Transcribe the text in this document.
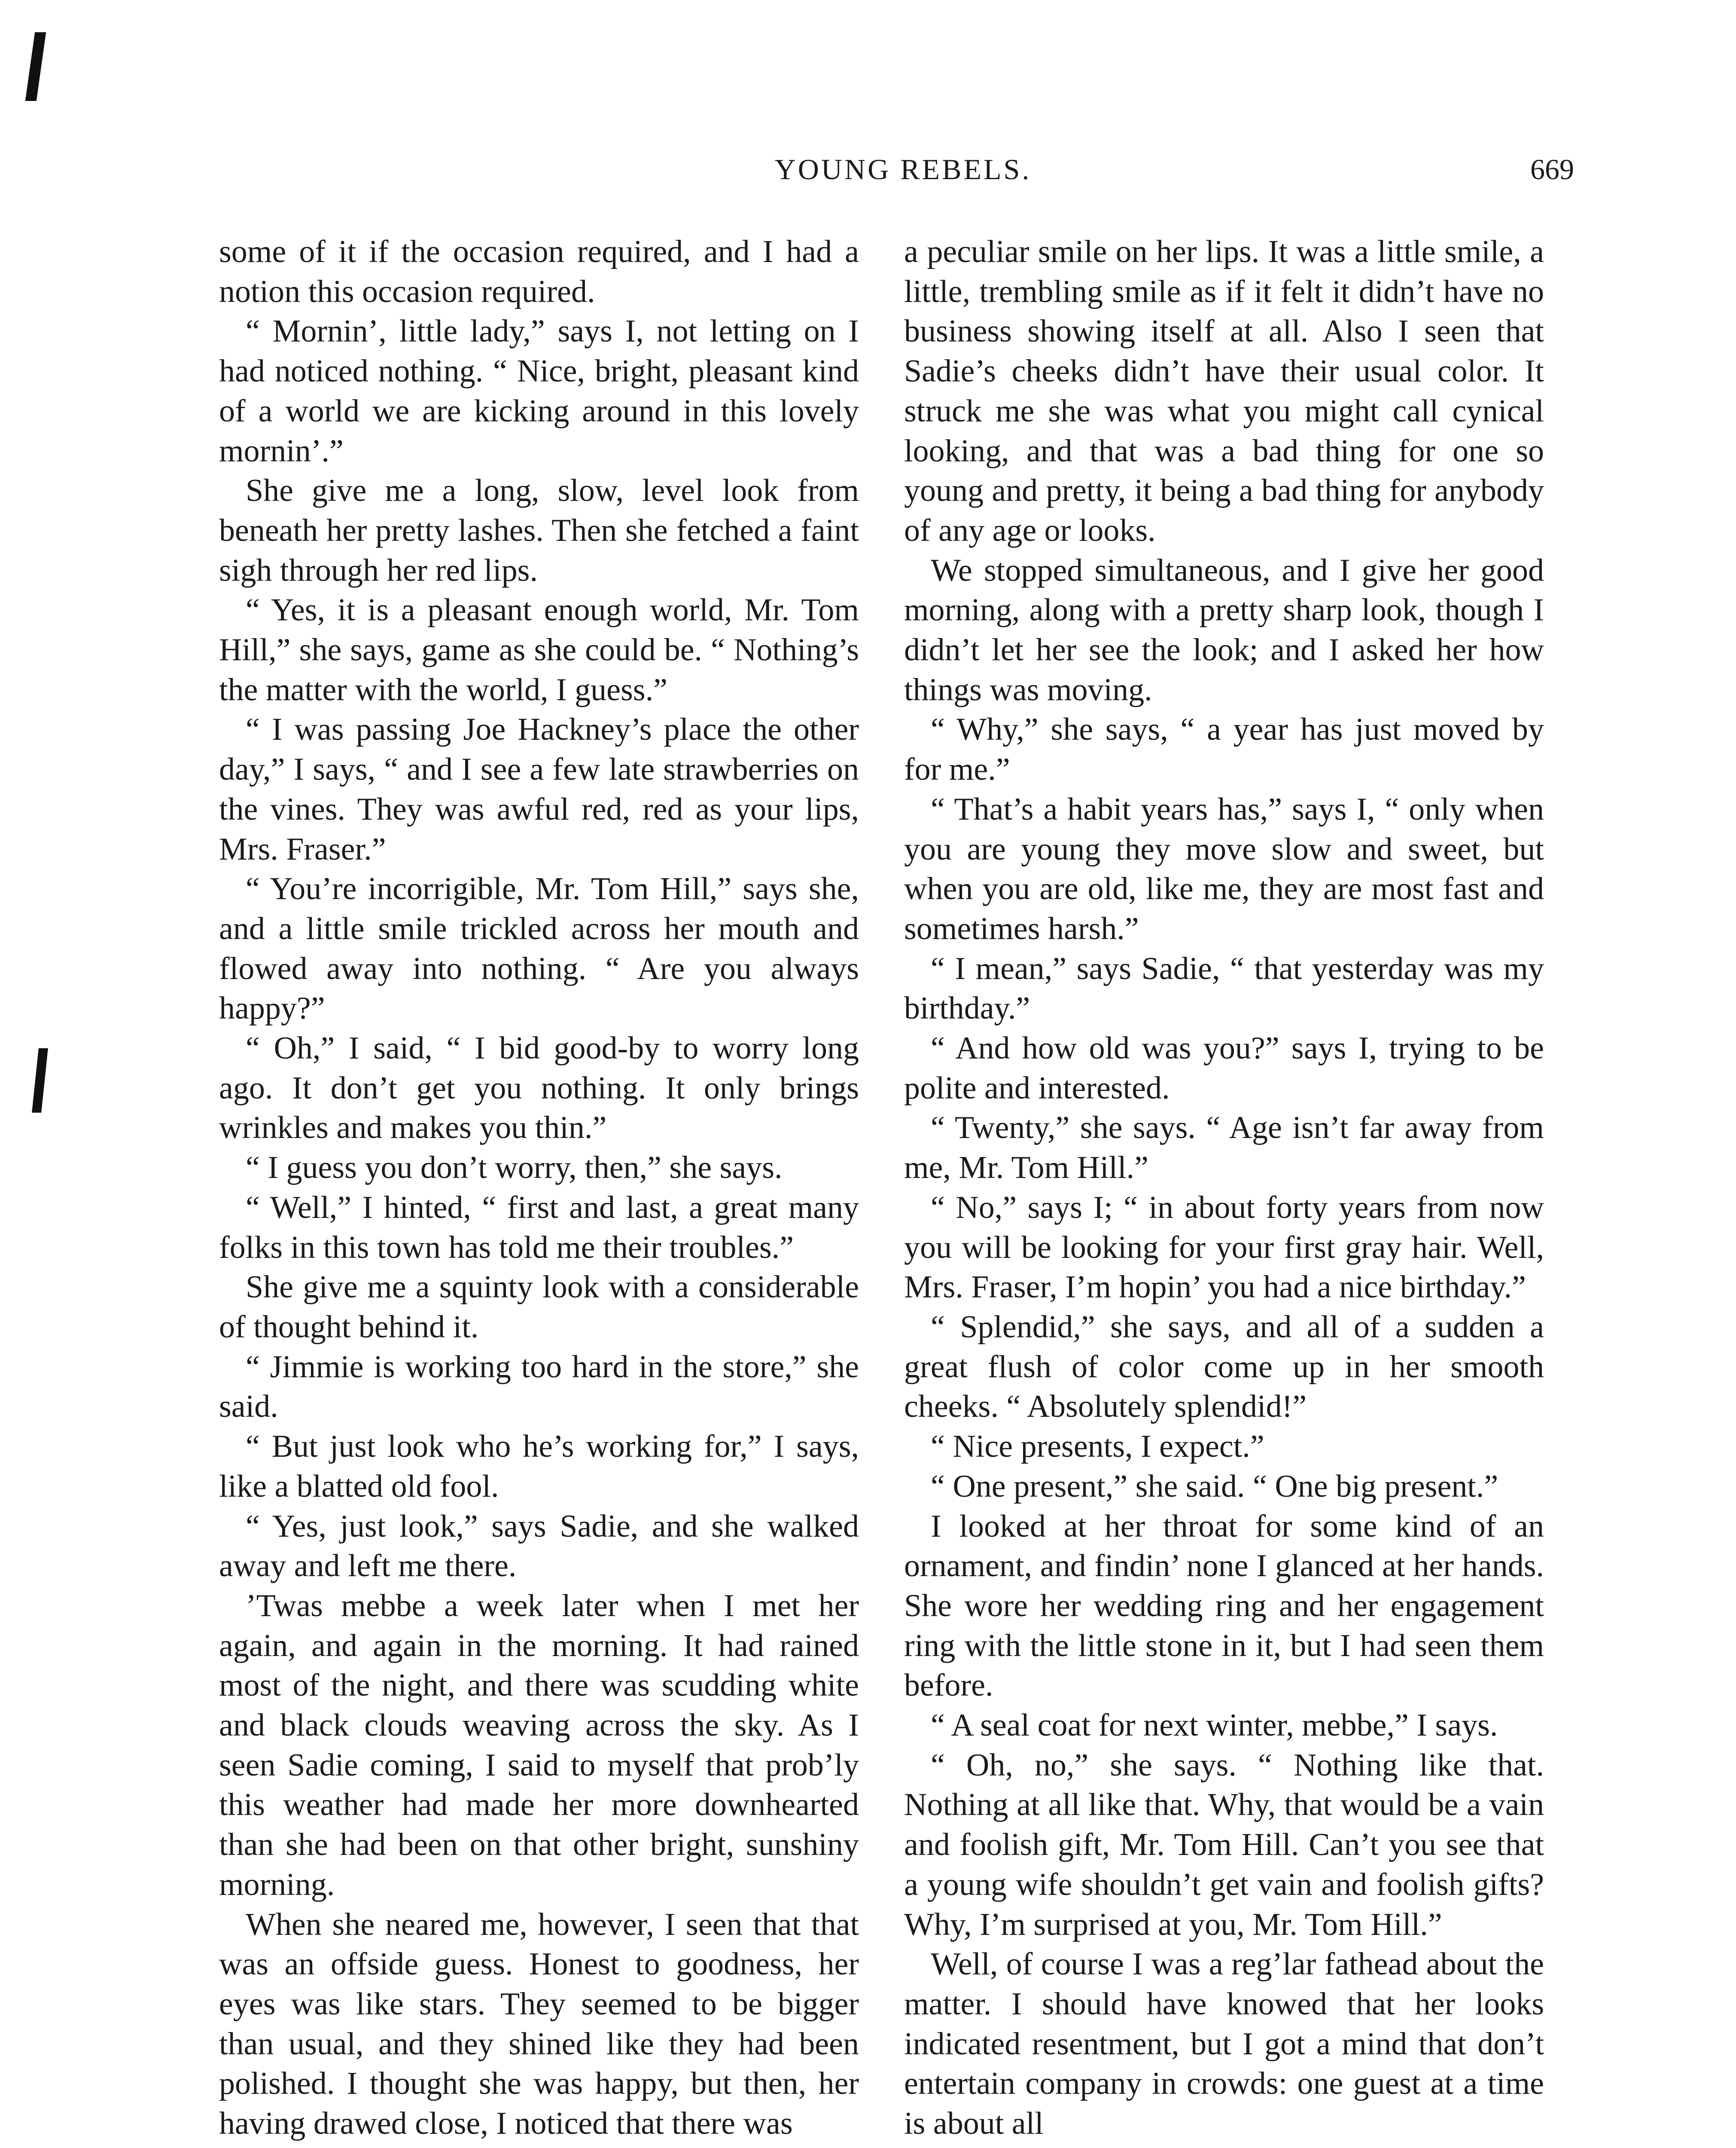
YOUNG REBELS.	669

some of it if the occasion required, and I had a notion this occasion required.

“ Mornin’, little lady,” says I, not letting on I had noticed nothing. “ Nice, bright, pleasant kind of a world we are kicking around in this lovely mornin’.”

She give me a long, slow, level look from beneath her pretty lashes. Then she fetched a faint sigh through her red lips.

“ Yes, it is a pleasant enough world, Mr. Tom Hill,” she says, game as she could be. “ Nothing’s the matter with the world, I guess.”

“ I was passing Joe Hackney’s place the other day,” I says, “ and I see a few late strawberries on the vines. They was awful red, red as your lips, Mrs. Fraser.”

“ You’re incorrigible, Mr. Tom Hill,” says she, and a little smile trickled across her mouth and flowed away into nothing. “ Are you always happy?”

“ Oh,” I said, “ I bid good-by to worry long ago. It don’t get you nothing. It only brings wrinkles and makes you thin.”

“ I guess you don’t worry, then,” she says.

“ Well,” I hinted, “ first and last, a great many folks in this town has told me their troubles.”

She give me a squinty look with a considerable of thought behind it.

“ Jimmie is working too hard in the store,” she said.

“ But just look who he’s working for,” I says, like a blatted old fool.

“ Yes, just look,” says Sadie, and she walked away and left me there.

’Twas mebbe a week later when I met her again, and again in the morning. It had rained most of the night, and there was scudding white and black clouds weaving across the sky. As I seen Sadie coming, I said to myself that prob’ly this weather had made her more downhearted than she had been on that other bright, sunshiny morning.

When she neared me, however, I seen that that was an offside guess. Honest to goodness, her eyes was like stars. They seemed to be bigger than usual, and they shined like they had been polished. I thought she was happy, but then, her having drawed close, I noticed that there was

a peculiar smile on her lips. It was a little smile, a little, trembling smile as if it felt it didn’t have no business showing itself at all. Also I seen that Sadie’s cheeks didn’t have their usual color. It struck me she was what you might call cynical looking, and that was a bad thing for one so young and pretty, it being a bad thing for anybody of any age or looks.

We stopped simultaneous, and I give her good morning, along with a pretty sharp look, though I didn’t let her see the look; and I asked her how things was moving.

“ Why,” she says, “ a year has just moved by for me.”

“ That’s a habit years has,” says I, “ only when you are young they move slow and sweet, but when you are old, like me, they are most fast and sometimes harsh.”

“ I mean,” says Sadie, “ that yesterday was my birthday.”

“ And how old was you?” says I, trying to be polite and interested.

“ Twenty,” she says. “ Age isn’t far away from me, Mr. Tom Hill.”

“ No,” says I; “ in about forty years from now you will be looking for your first gray hair. Well, Mrs. Fraser, I’m hopin’ you had a nice birthday.”

“ Splendid,” she says, and all of a sudden a great flush of color come up in her smooth cheeks. “ Absolutely splendid!”

“ Nice presents, I expect.”

“ One present,” she said. “ One big present.”

I looked at her throat for some kind of an ornament, and findin’ none I glanced at her hands. She wore her wedding ring and her engagement ring with the little stone in it, but I had seen them before.

“ A seal coat for next winter, mebbe,” I says.

“ Oh, no,” she says. “ Nothing like that. Nothing at all like that. Why, that would be a vain and foolish gift, Mr. Tom Hill. Can’t you see that a young wife shouldn’t get vain and foolish gifts? Why, I’m surprised at you, Mr. Tom Hill.”

Well, of course I was a reg’lar fathead about the matter. I should have knowed that her looks indicated resentment, but I got a mind that don’t entertain company in crowds: one guest at a time is about all
